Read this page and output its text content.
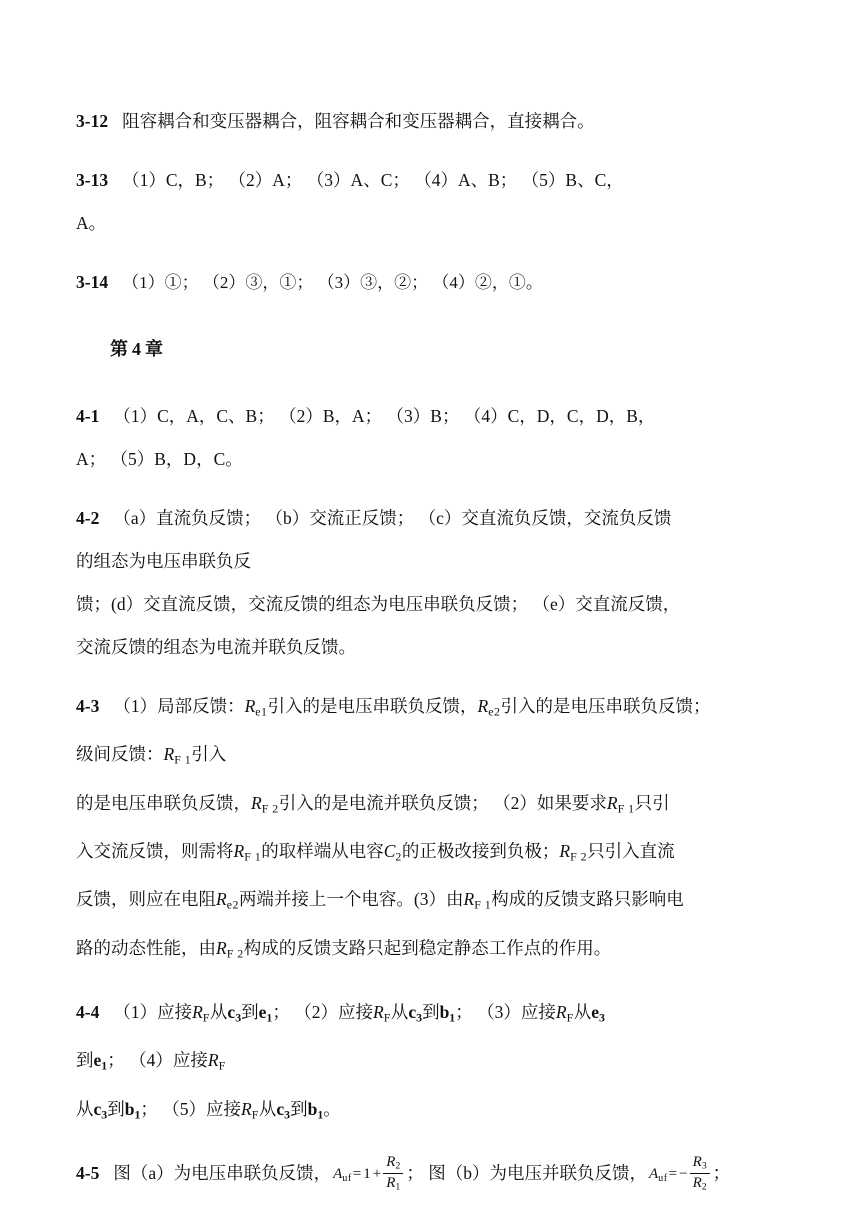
3-12 阻容耦合和变压器耦合，阻容耦合和变压器耦合，直接耦合。

3-13 （1）C，B； （2）A； （3）A、C； （4）A、B； （5）B、C，

A。

3-14 （1）①； （2）③，①； （3）③，②； （4）②，①。

第 4 章

4-1 （1）C，A，C、B； （2）B，A； （3）B； （4）C，D，C，D，B，

A； （5）B，D，C。

4-2 （a）直流负反馈； （b）交流正反馈； （c）交直流负反馈，交流负反馈

的组态为电压串联负反

馈；(d）交直流反馈，交流反馈的组态为电压串联负反馈； （e）交直流反馈，

交流反馈的组态为电流并联负反馈。

4-3 （1）局部反馈：$R_{e1}$引入的是电压串联负反馈，$R_{e2}$引入的是电压串联负反馈；

级间反馈：$R_{F 1}$引入

的是电压串联负反馈，$R_{F 2}$引入的是电流并联负反馈； （2）如果要求$R_{F 1}$只引

入交流反馈，则需将$R_{F 1}$的取样端从电容$C_2$的正极改接到负极；$R_{F 2}$只引入直流

反馈，则应在电阻$R_{e2}$两端并接上一个电容。(3）由$R_{F 1}$构成的反馈支路只影响电

路的动态性能，由$R_{F 2}$构成的反馈支路只起到稳定静态工作点的作用。

4-4 （1）应接$R_F$从$c_3$到$e_1$； （2）应接$R_F$从$c_3$到$b_1$； （3）应接$R_F$从$e_3$

到$e_1$； （4）应接$R_F$

从$c_3$到$b_1$； （5）应接$R_F$从$c_3$到$b_1$。

4-5 图（a）为电压串联负反馈， $A_{uf}= 1 + \frac{R_2}{R_1}$ ； 图（b）为电压并联负反馈， $A_{uf}= - \frac{R_3}{R_2}$ ；
